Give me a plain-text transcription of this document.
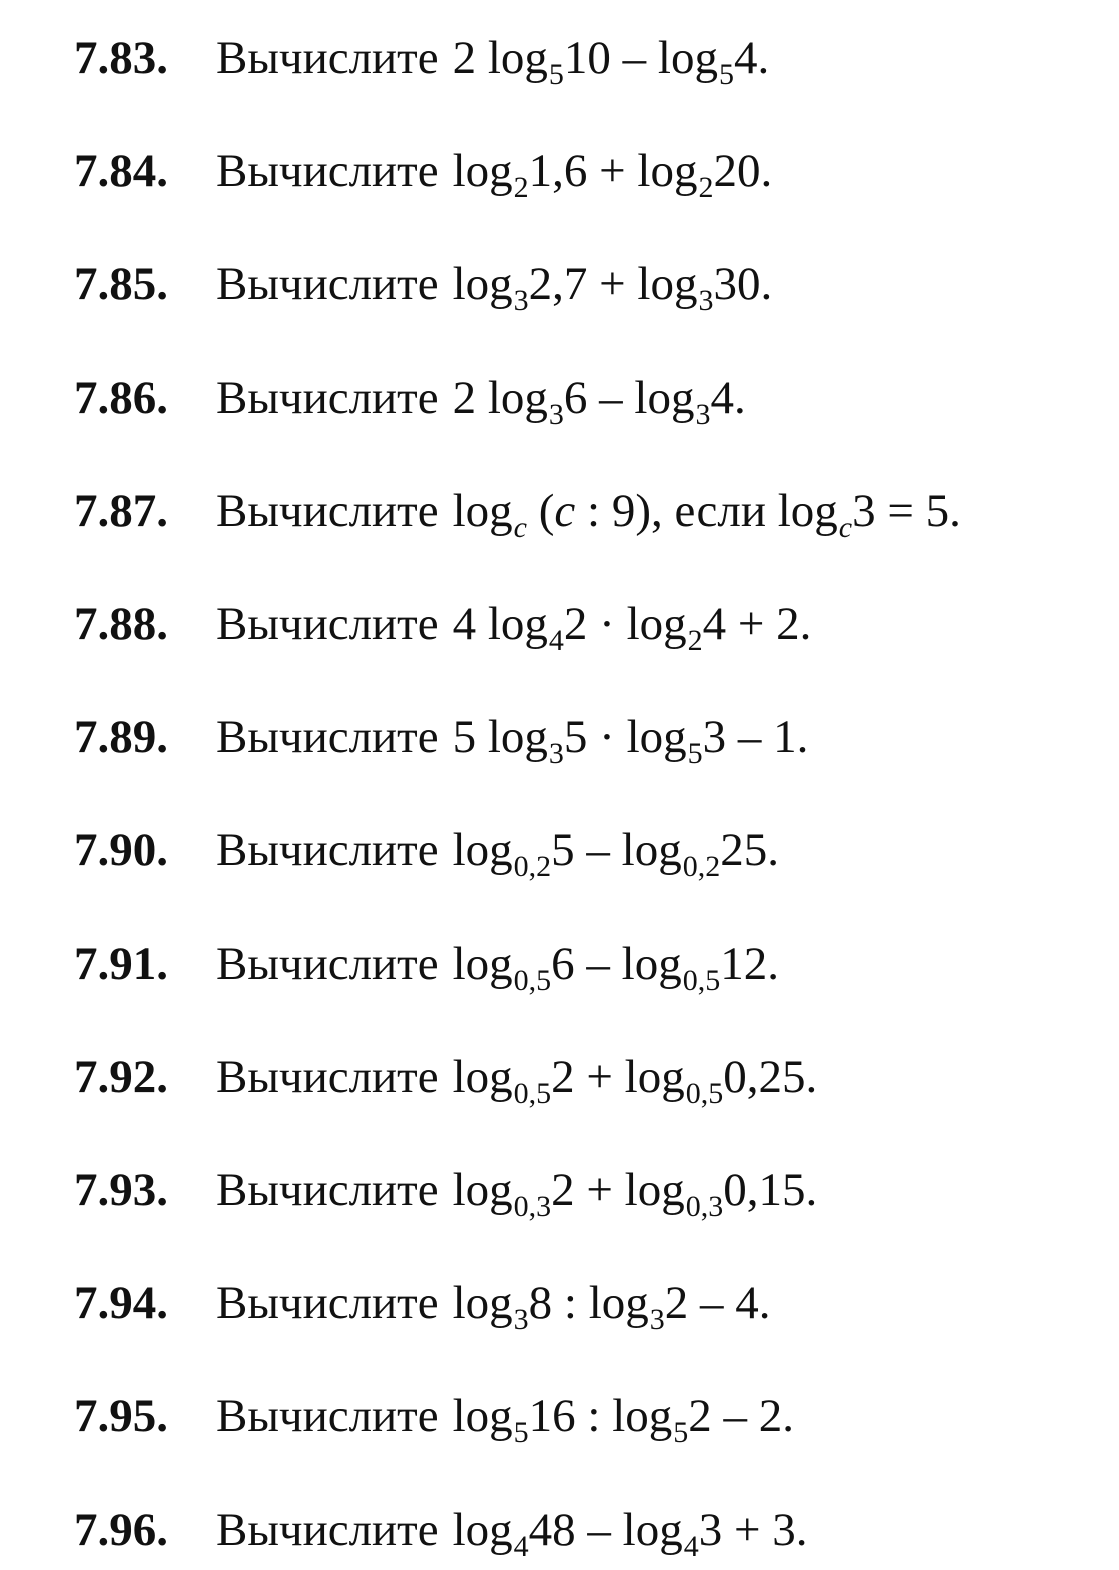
7.83. Вычислите 2 $\log_510 - \log_54$.
7.84. Вычислите $\log_21,6 + \log_220$.
7.85. Вычислите $\log_32,7 + \log_330$.
7.86. Вычислите 2 $\log_36 - \log_34$.
7.87. Вычислите $\log_c (c$ : 9), если $\log_c3 = 5$.
7.88. Вычислите 4 $\log_42 \cdot \log_24 + 2$.
7.89. Вычислите 5 $\log_35 \cdot \log_53 - 1$.
7.90. Вычислите $\log_{0,2}5 - \log_{0,2}25$.
7.91. Вычислите $\log_{0,5}6 - \log_{0,5}12$.
7.92. Вычислите $\log_{0,5}2 + \log_{0,5}0,25$.
7.93. Вычислите $\log_{0,3}2 + \log_{0,3}0,15$.
7.94. Вычислите $\log_38$ : $\log_32 - 4$.
7.95. Вычислите $\log_516$ : $\log_52 - 2$.
7.96. Вычислите $\log_448 - \log_43 + 3$.
